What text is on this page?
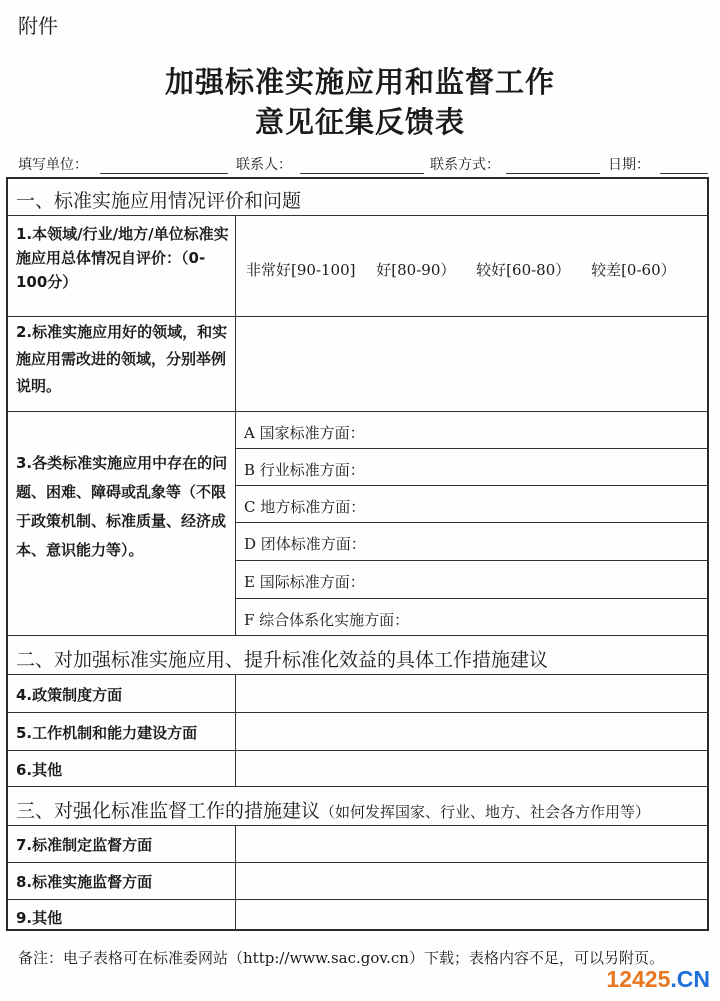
附件
加强标准实施应用和监督工作
意见征集反馈表
填写单位：	联系人：	联系方式：	日期：
一、标准实施应用情况评价和问题
1.本领域/行业/地方/单位标准实施应用总体情况自评价：（0-100分）
非常好[90-100] 好[80-90） 较好[60-80） 较差[0-60）
2.标准实施应用好的领域，和实施应用需改进的领域，分别举例说明。
3.各类标准实施应用中存在的问题、困难、障碍或乱象等（不限于政策机制、标准质量、经济成本、意识能力等）。
A 国家标准方面：
B 行业标准方面：
C 地方标准方面：
D 团体标准方面：
E 国际标准方面：
F 综合体系化实施方面：
二、对加强标准实施应用、提升标准化效益的具体工作措施建议
4.政策制度方面
5.工作机制和能力建设方面
6.其他
三、对强化标准监督工作的措施建议（如何发挥国家、行业、地方、社会各方作用等）
7.标准制定监督方面
8.标准实施监督方面
9.其他
备注：电子表格可在标准委网站（http://www.sac.gov.cn）下载；表格内容不足，可以另附页。
12425.CN
